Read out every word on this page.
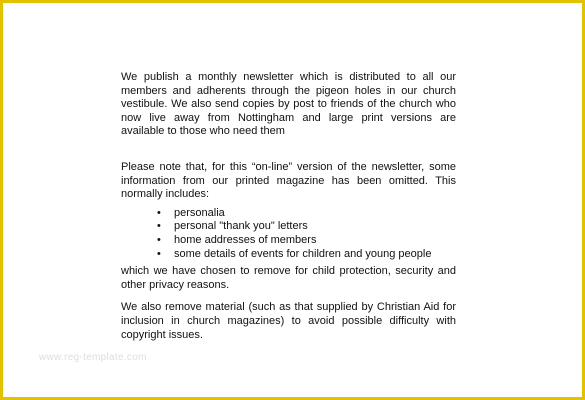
We publish a monthly newsletter which is distributed to all our members and adherents through the pigeon holes in our church vestibule. We also send copies by post to friends of the church who now live away from Nottingham and large print versions are available to those who need them

Please note that, for this “on-line” version of the newsletter, some information from our printed magazine has been omitted. This normally includes:

• personalia
• personal "thank you" letters
• home addresses of members
• some details of events for children and young people

which we have chosen to remove for child protection, security and other privacy reasons.

We also remove material (such as that supplied by Christian Aid for inclusion in church magazines) to avoid possible difficulty with copyright issues.

www.reg-template.com
